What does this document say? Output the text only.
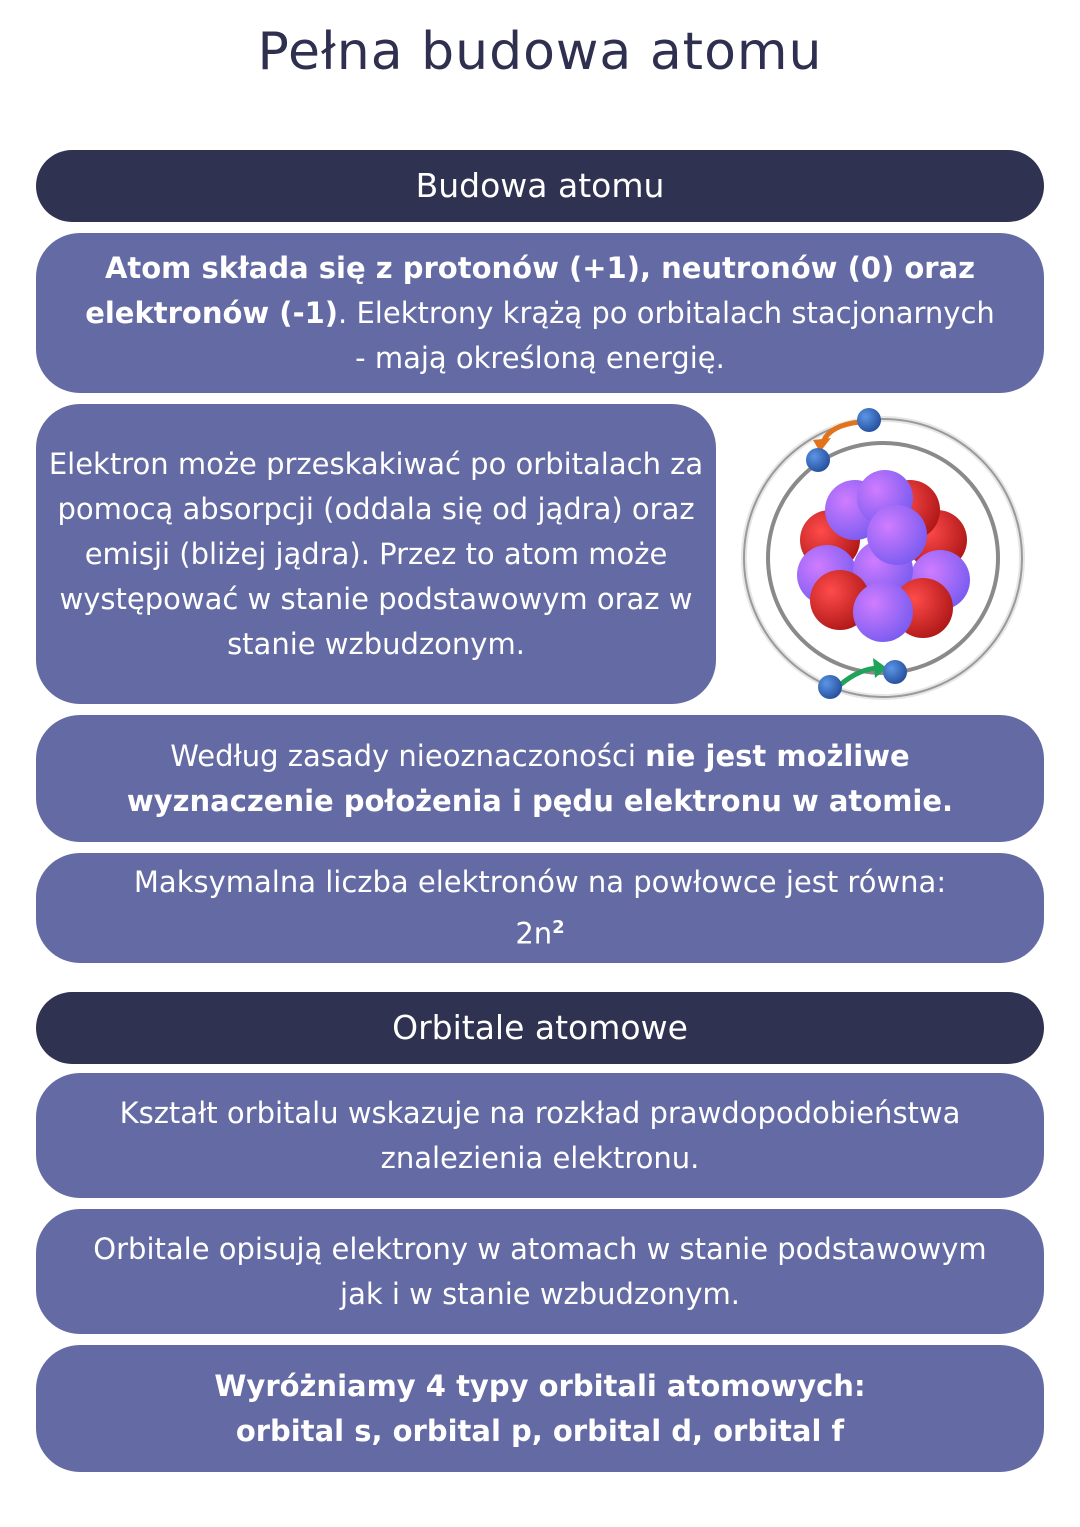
Pełna budowa atomu
Budowa atomu
Atom składa się z protonów (+1), neutronów (0) oraz elektronów (-1). Elektrony krążą po orbitalach stacjonarnych - mają określoną energię.
Elektron może przeskakiwać po orbitalach za pomocą absorpcji (oddala się od jądra) oraz emisji (bliżej jądra). Przez to atom może występować w stanie podstawowym oraz w stanie wzbudzonym.
Według zasady nieoznaczoności nie jest możliwe wyznaczenie położenia i pędu elektronu w atomie.
Maksymalna liczba elektronów na powłowce jest równa:
$2n^2$
Orbitale atomowe
Kształt orbitalu wskazuje na rozkład prawdopodobieństwa znalezienia elektronu.
Orbitale opisują elektrony w atomach w stanie podstawowym jak i w stanie wzbudzonym.
Wyróżniamy 4 typy orbitali atomowych:
orbital s, orbital p, orbital d, orbital f
